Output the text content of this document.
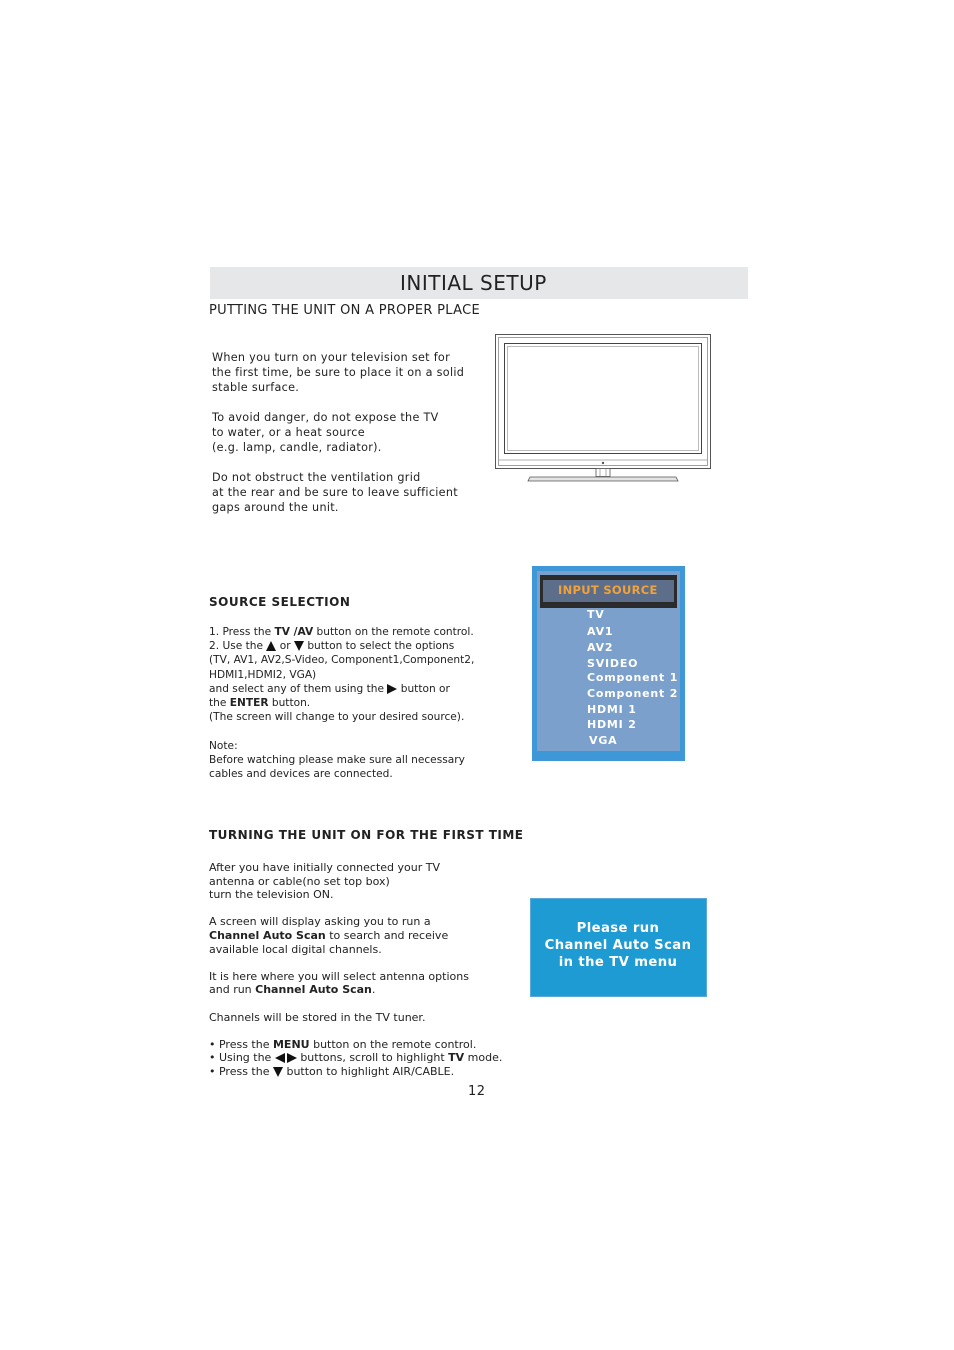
INITIAL SETUP
PUTTING THE UNIT ON A PROPER PLACE
When you turn on your television set for
the first time, be sure to place it on a solid
stable surface.

To avoid danger, do not expose the TV
to water, or a heat source
(e.g. lamp, candle, radiator).

Do not obstruct the ventilation grid
at the rear and be sure to leave sufficient
gaps around the unit.
SOURCE SELECTION
1. Press the TV /AV button on the remote control.
2. Use the  or  button to select the options
(TV, AV1, AV2,S-Video, Component1,Component2,
HDMI1,HDMI2, VGA)
and select any of them using the  button or
the ENTER button.
(The screen will change to your desired source).

Note:
Before watching please make sure all necessary
cables and devices are connected.
INPUT SOURCE
TV
AV1
AV2
SVIDEO
Component 1
Component 2
HDMI 1
HDMI 2
VGA
TURNING THE UNIT ON FOR THE FIRST TIME
After you have initially connected your TV
antenna or cable(no set top box)
turn the television ON.

A screen will display asking you to run a
Channel Auto Scan to search and receive
available local digital channels.

It is here where you will select antenna options
and run Channel Auto Scan.

Channels will be stored in the TV tuner.

• Press the MENU button on the remote control.
• Using the  buttons, scroll to highlight TV mode.
• Press the  button to highlight AIR/CABLE.
Please run
Channel Auto Scan
in the TV menu
12
